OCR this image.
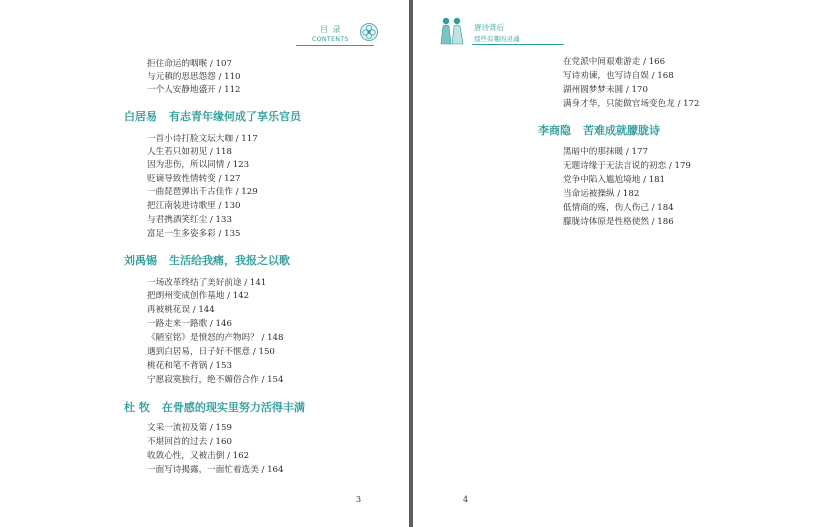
目 录
CONTENTS
拒住命运的咽喉 / 107
与元稹的思思怨怨 / 110
一个人安静地盛开 / 112
白居易 有志青年缘何成了享乐官员
一首小诗打脸文坛大咖 / 117
人生若只如初见 / 118
因为悲伤，所以同情 / 123
贬谪导致性情转变 / 127
一曲琵琶弹出千古佳作 / 129
把江南装进诗歌里 / 130
与君携酒笑红尘 / 133
富足一生多姿多彩 / 135
刘禹锡 生活给我痛，我报之以歌
一场改革终结了美好前途 / 141
把朗州变成创作基地 / 142
再被桃花误 / 144
一路走来一路歌 / 146
《陋室铭》是愤怒的产物吗？ / 148
遇到白居易，日子好不惬意 / 150
桃花和笔不背锅 / 153
宁愿寂寞独行，绝不媚俗合作 / 154
杜 牧 在骨感的现实里努力活得丰满
文采一流初及第 / 159
不堪回首的过去 / 160
收敛心性，又被击倒 / 162
一面写诗揭露，一面忙着选美 / 164
3
唐诗背后
那些有趣的灵魂
在党派中间艰难游走 / 166
写诗劝谏，也写诗自娱 / 168
湖州圆梦梦未圆 / 170
满身才华，只能做官场变色龙 / 172
李商隐 苦难成就朦胧诗
黑暗中的那抹暖 / 177
无题诗缘于无法言说的初恋 / 179
党争中陷入尴尬境地 / 181
当命运被操纵 / 182
低情商的殇，伤人伤己 / 184
朦胧诗体原是性格使然 / 186
4
